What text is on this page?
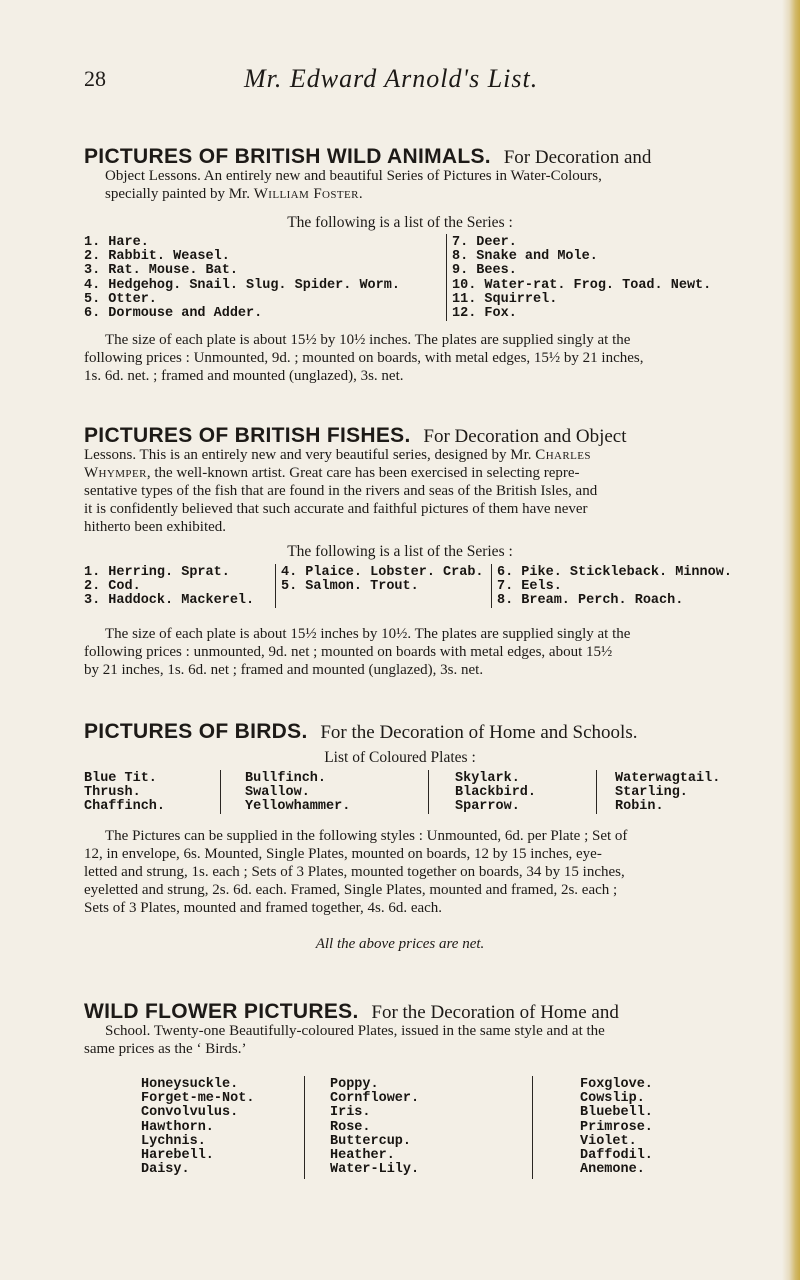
28	Mr. Edward Arnold's List.
PICTURES OF BRITISH WILD ANIMALS. For Decoration and
Object Lessons. An entirely new and beautiful Series of Pictures in Water-Colours,
specially painted by Mr. William Foster.
The following is a list of the Series :
1. Hare.
2. Rabbit. Weasel.
3. Rat. Mouse. Bat.
4. Hedgehog. Snail. Slug. Spider. Worm.
5. Otter.
6. Dormouse and Adder.
7. Deer.
8. Snake and Mole.
9. Bees.
10. Water-rat. Frog. Toad. Newt.
11. Squirrel.
12. Fox.
The size of each plate is about 15½ by 10½ inches. The plates are supplied singly at the
following prices : Unmounted, 9d. ; mounted on boards, with metal edges, 15½ by 21 inches,
1s. 6d. net. ; framed and mounted (unglazed), 3s. net.
PICTURES OF BRITISH FISHES. For Decoration and Object
Lessons. This is an entirely new and very beautiful series, designed by Mr. Charles
Whymper, the well-known artist. Great care has been exercised in selecting repre-
sentative types of the fish that are found in the rivers and seas of the British Isles, and
it is confidently believed that such accurate and faithful pictures of them have never
hitherto been exhibited.
The following is a list of the Series :
1. Herring. Sprat.
2. Cod.
3. Haddock. Mackerel.
4. Plaice. Lobster. Crab.
5. Salmon. Trout.
6. Pike. Stickleback. Minnow.
7. Eels.
8. Bream. Perch. Roach.
The size of each plate is about 15½ inches by 10½. The plates are supplied singly at the
following prices : unmounted, 9d. net ; mounted on boards with metal edges, about 15½
by 21 inches, 1s. 6d. net ; framed and mounted (unglazed), 3s. net.
PICTURES OF BIRDS. For the Decoration of Home and Schools.
List of Coloured Plates :
Blue Tit.
Thrush.
Chaffinch.
Bullfinch.
Swallow.
Yellowhammer.
Skylark.
Blackbird.
Sparrow.
Waterwagtail.
Starling.
Robin.
The Pictures can be supplied in the following styles : Unmounted, 6d. per Plate ; Set of
12, in envelope, 6s. Mounted, Single Plates, mounted on boards, 12 by 15 inches, eye-
letted and strung, 1s. each ; Sets of 3 Plates, mounted together on boards, 34 by 15 inches,
eyeletted and strung, 2s. 6d. each. Framed, Single Plates, mounted and framed, 2s. each ;
Sets of 3 Plates, mounted and framed together, 4s. 6d. each.
All the above prices are net.
WILD FLOWER PICTURES. For the Decoration of Home and
School. Twenty-one Beautifully-coloured Plates, issued in the same style and at the
same prices as the ‘ Birds.’
Honeysuckle.
Forget-me-Not.
Convolvulus.
Hawthorn.
Lychnis.
Harebell.
Daisy.
Poppy.
Cornflower.
Iris.
Rose.
Buttercup.
Heather.
Water-Lily.
Foxglove.
Cowslip.
Bluebell.
Primrose.
Violet.
Daffodil.
Anemone.
